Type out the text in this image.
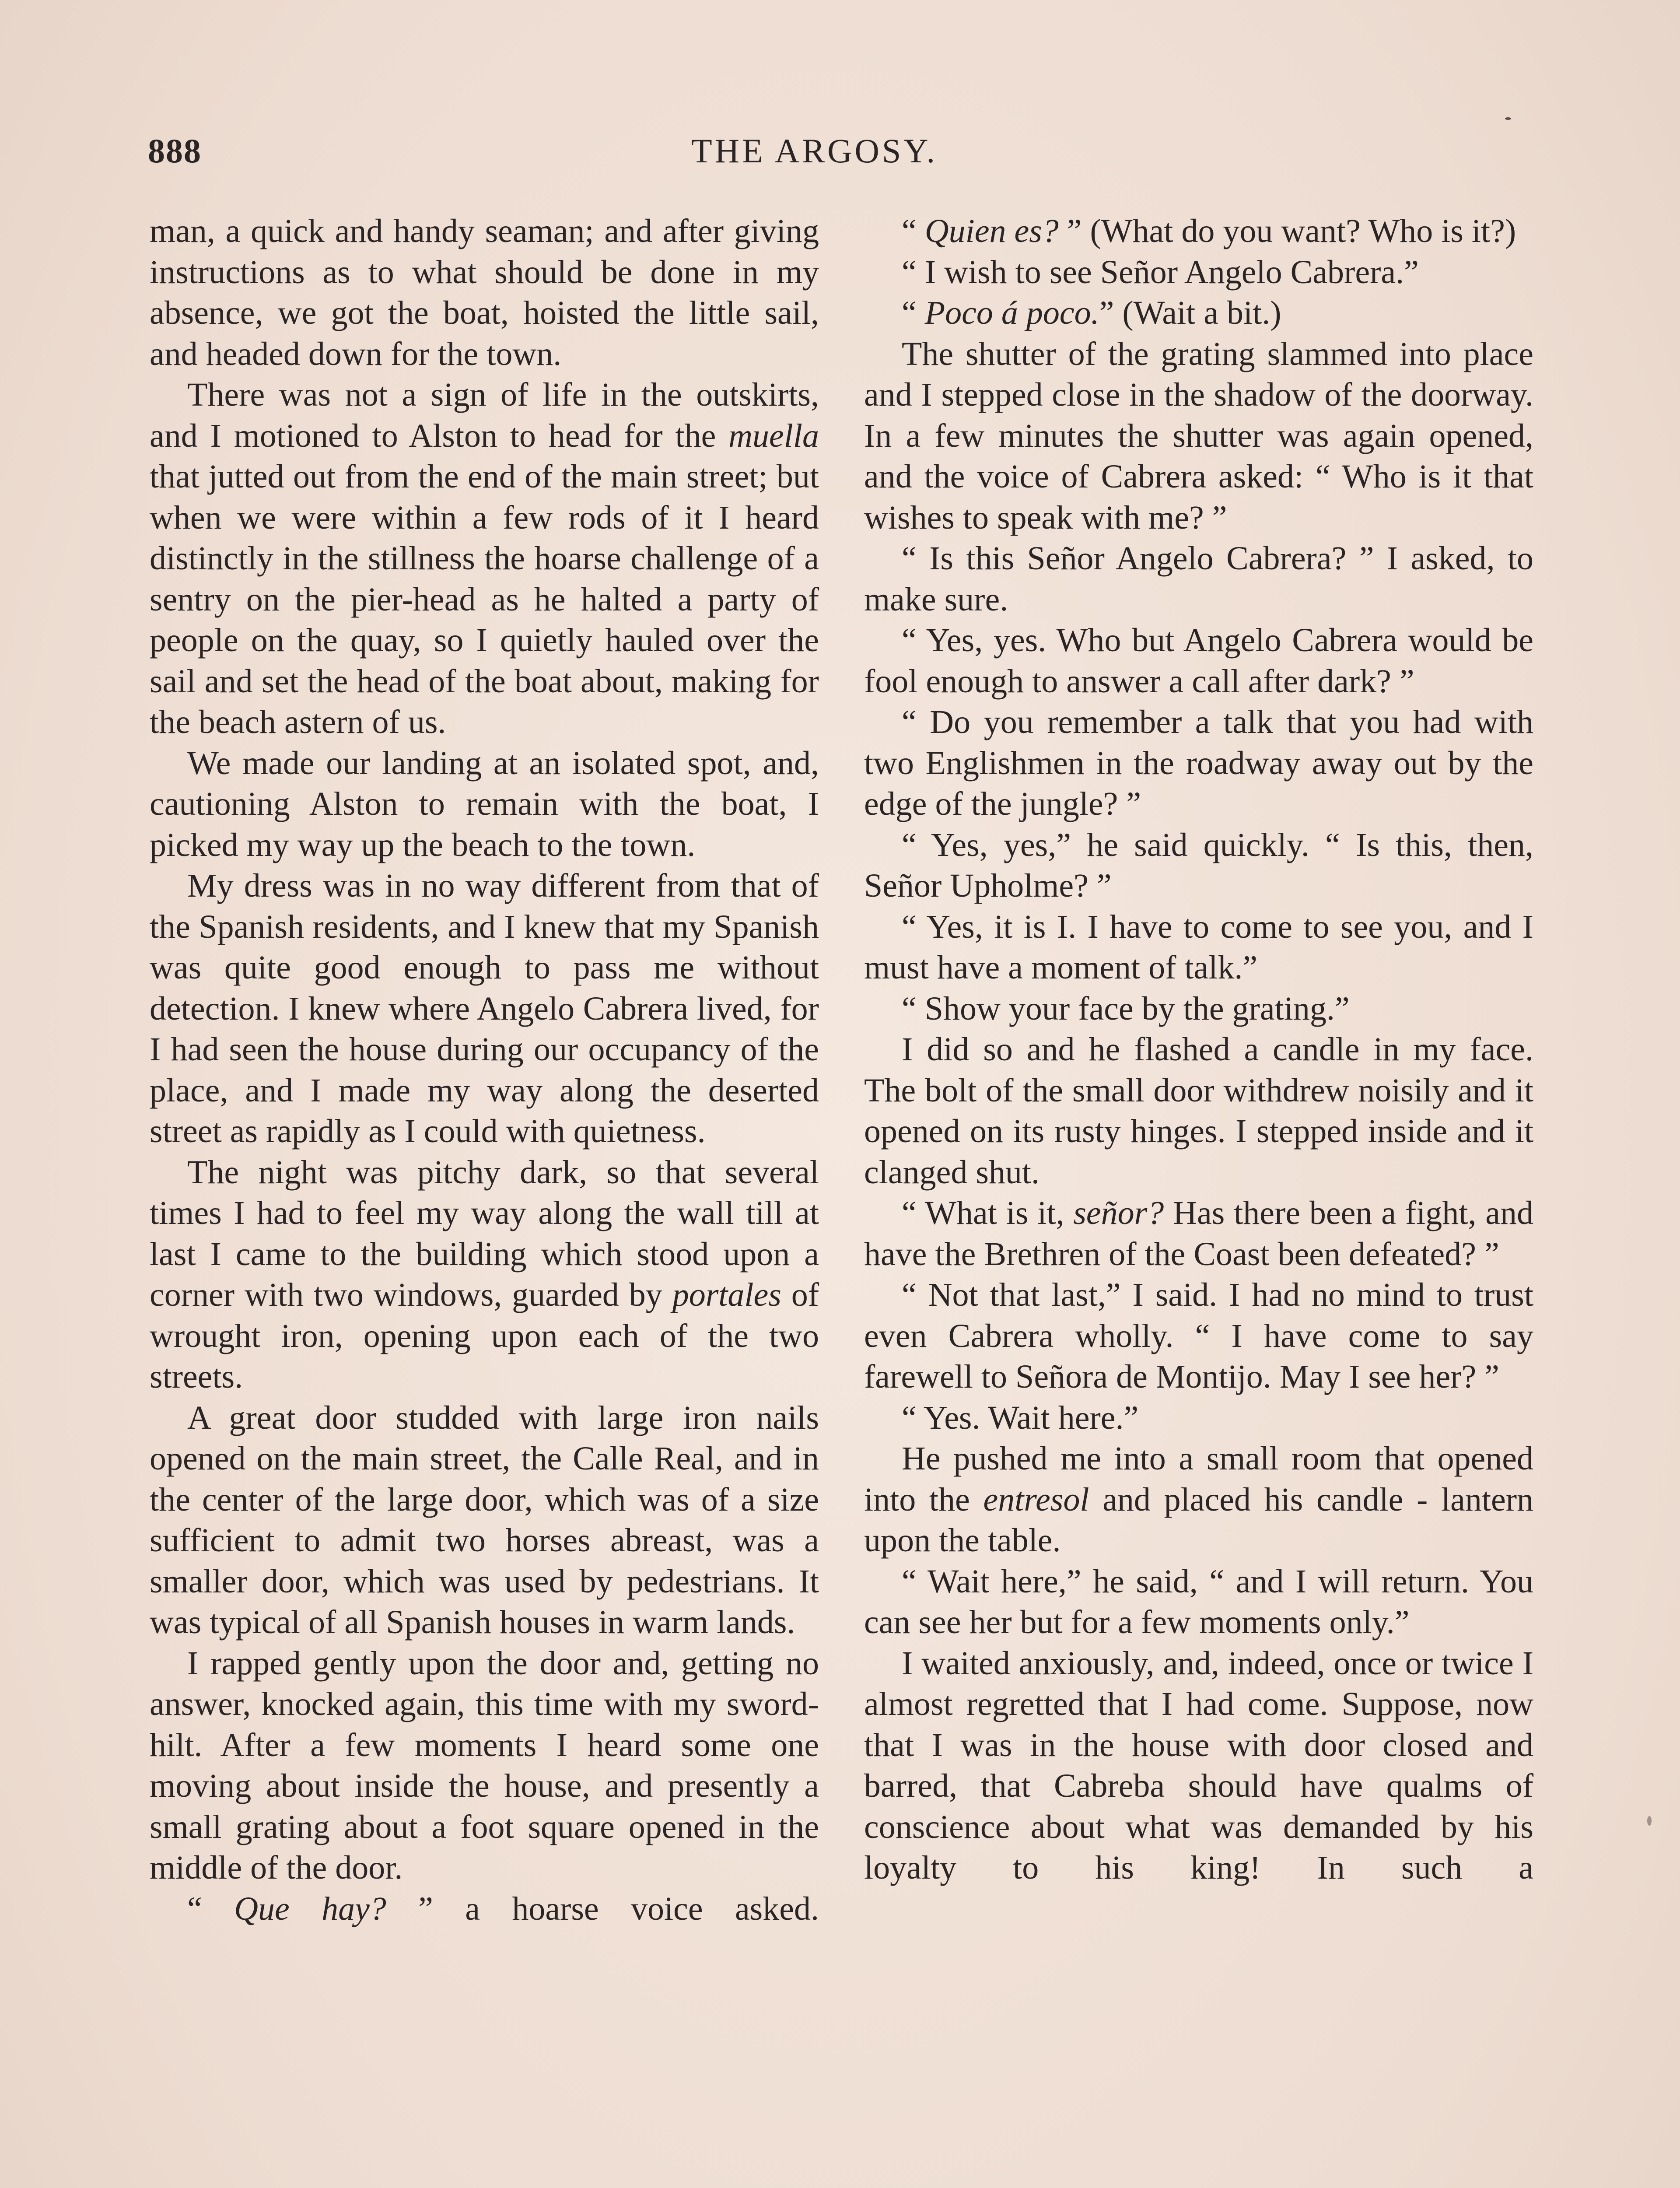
888	THE ARGOSY.

man, a quick and handy seaman; and after giving instructions as to what should be done in my absence, we got the boat, hoisted the little sail, and headed down for the town.

There was not a sign of life in the outskirts, and I motioned to Alston to head for the muella that jutted out from the end of the main street; but when we were within a few rods of it I heard distinctly in the stillness the hoarse challenge of a sentry on the pier-head as he halted a party of people on the quay, so I quietly hauled over the sail and set the head of the boat about, making for the beach astern of us.

We made our landing at an isolated spot, and, cautioning Alston to remain with the boat, I picked my way up the beach to the town.

My dress was in no way different from that of the Spanish residents, and I knew that my Spanish was quite good enough to pass me without detection. I knew where Angelo Cabrera lived, for I had seen the house during our occupancy of the place, and I made my way along the deserted street as rapidly as I could with quietness.

The night was pitchy dark, so that several times I had to feel my way along the wall till at last I came to the building which stood upon a corner with two windows, guarded by portales of wrought iron, opening upon each of the two streets.

A great door studded with large iron nails opened on the main street, the Calle Real, and in the center of the large door, which was of a size sufficient to admit two horses abreast, was a smaller door, which was used by pedestrians. It was typical of all Spanish houses in warm lands.

I rapped gently upon the door and, getting no answer, knocked again, this time with my sword-hilt. After a few moments I heard some one moving about inside the house, and presently a small grating about a foot square opened in the middle of the door.

“ Que hay? ” a hoarse voice asked.

“ Quien es? ” (What do you want? Who is it?)

“ I wish to see Señor Angelo Cabrera.”

“ Poco á poco.” (Wait a bit.)

The shutter of the grating slammed into place and I stepped close in the shadow of the doorway. In a few minutes the shutter was again opened, and the voice of Cabrera asked: “ Who is it that wishes to speak with me? ”

“ Is this Señor Angelo Cabrera? ” I asked, to make sure.

“ Yes, yes. Who but Angelo Cabrera would be fool enough to answer a call after dark? ”

“ Do you remember a talk that you had with two Englishmen in the roadway away out by the edge of the jungle? ”

“ Yes, yes,” he said quickly. “ Is this, then, Señor Upholme? ”

“ Yes, it is I. I have to come to see you, and I must have a moment of talk.”

“ Show your face by the grating.”

I did so and he flashed a candle in my face. The bolt of the small door withdrew noisily and it opened on its rusty hinges. I stepped inside and it clanged shut.

“ What is it, señor? Has there been a fight, and have the Brethren of the Coast been defeated? ”

“ Not that last,” I said. I had no mind to trust even Cabrera wholly. “ I have come to say farewell to Señora de Montijo. May I see her? ”

“ Yes. Wait here.”

He pushed me into a small room that opened into the entresol and placed his candle - lantern upon the table.

“ Wait here,” he said, “ and I will return. You can see her but for a few moments only.”

I waited anxiously, and, indeed, once or twice I almost regretted that I had come. Suppose, now that I was in the house with door closed and barred, that Cabreba should have qualms of conscience about what was demanded by his loyalty to his king! In such a
